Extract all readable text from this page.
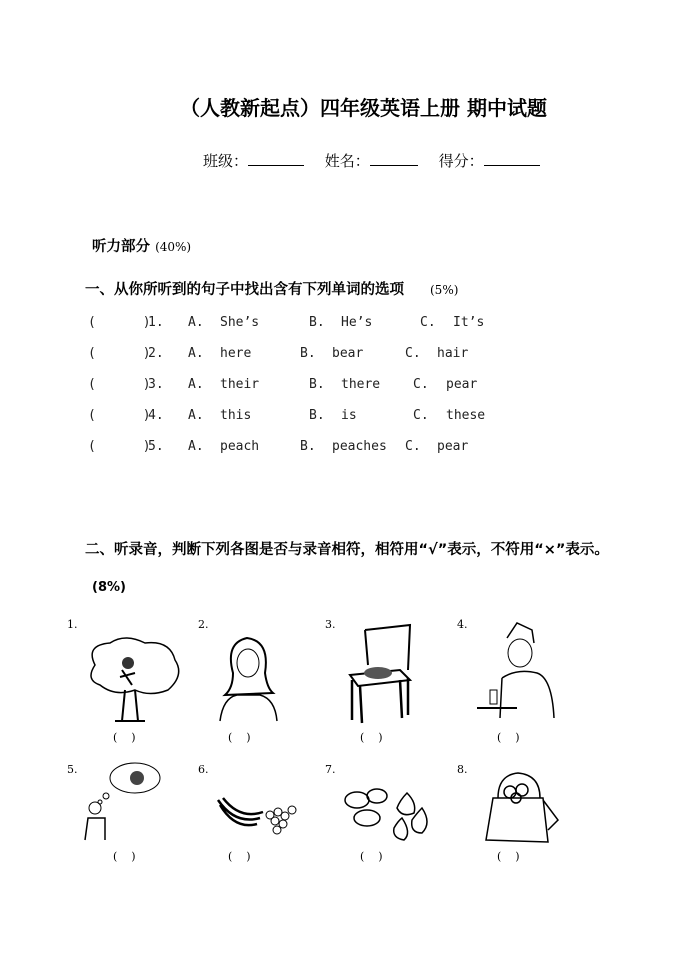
（人教新起点）四年级英语上册 期中试题
班级：	姓名：	得分：
听力部分 (40%)
一、从你所听到的句子中找出含有下列单词的选项 (5%)
(      )
1. A. She’s	B. He’s	C. It’s
(      )
2. A. here	B. bear	C. hair
(      )
3. A. their	B. there	C. pear
(      )
4. A. this	B. is	C. these
(      )
5. A. peach	B. peaches C. pear
二、听录音，判断下列各图是否与录音相符，相符用“√”表示，不符用“×”表示。
(8%)
1.
(    )
2.
(    )
3.
(    )
4.
(    )
5.
(    )
6.
(    )
7.
(    )
8.
(    )
